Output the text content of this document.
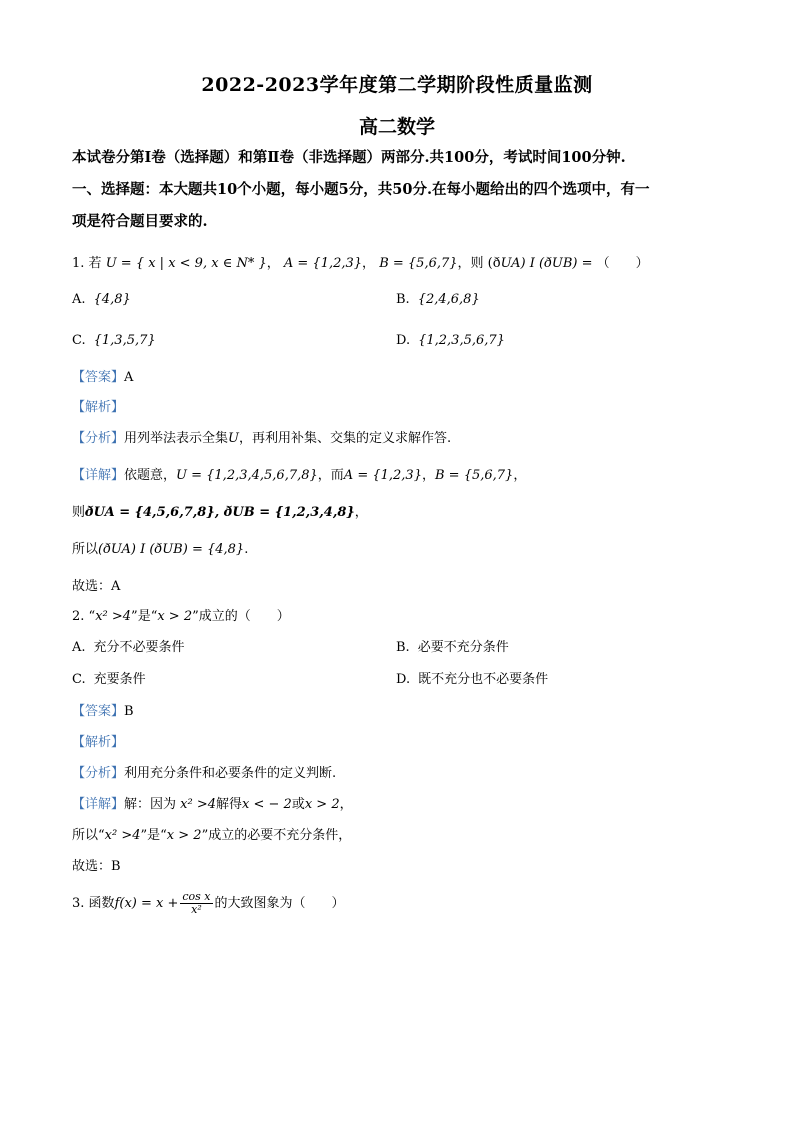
2022-2023学年度第二学期阶段性质量监测
高二数学
本试卷分第Ⅰ卷（选择题）和第Ⅱ卷（非选择题）两部分.共100分，考试时间100分钟.
一、选择题：本大题共10个小题，每小题5分，共50分.在每小题给出的四个选项中，有一
项是符合题目要求的.
1. 若 U = { x | x < 9, x ∈ N* }， A = {1,2,3}， B = {5,6,7}，则 (ðUA) I (ðUB) = （　　）
A. {4,8}	B. {2,4,6,8}
C. {1,3,5,7}	D. {1,2,3,5,6,7}
【答案】A
【解析】
【分析】用列举法表示全集U，再利用补集、交集的定义求解作答.
【详解】依题意，U = {1,2,3,4,5,6,7,8}，而A = {1,2,3}，B = {5,6,7}，
则ðUA = {4,5,6,7,8}, ðUB = {1,2,3,4,8}，
所以(ðUA) I (ðUB) = {4,8}.
故选：A
2. “x² >4”是“x > 2”成立的（　　）
A. 充分不必要条件	B. 必要不充分条件
C. 充要条件	D. 既不充分也不必要条件
【答案】B
【解析】
【分析】利用充分条件和必要条件的定义判断.
【详解】解：因为 x² >4解得x < − 2或x > 2，
所以“x² >4”是“x > 2”成立的必要不充分条件，
故选：B
3. 函数$f(x) = x + \frac{\text{cos x}}{\text{x²}}$ 的大致图象为（　　）
